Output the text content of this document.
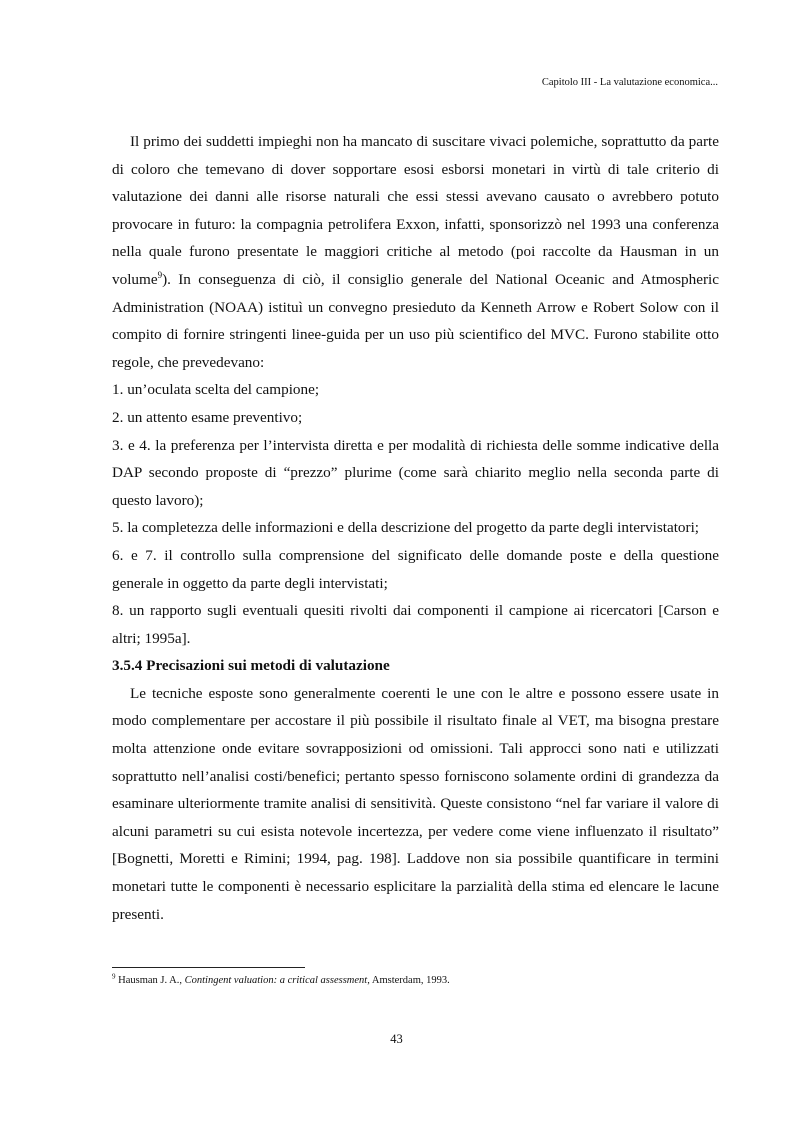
Capitolo III - La valutazione economica...

Il primo dei suddetti impieghi non ha mancato di suscitare vivaci polemiche, soprattutto da parte di coloro che temevano di dover sopportare esosi esborsi monetari in virtù di tale criterio di valutazione dei danni alle risorse naturali che essi stessi avevano causato o avrebbero potuto provocare in futuro: la compagnia petrolifera Exxon, infatti, sponsorizzò nel 1993 una conferenza nella quale furono presentate le maggiori critiche al metodo (poi raccolte da Hausman in un volume$^9$). In conseguenza di ciò, il consiglio generale del National Oceanic and Atmospheric Administration (NOAA) istituì un convegno presieduto da Kenneth Arrow e Robert Solow con il compito di fornire stringenti linee-guida per un uso più scientifico del MVC. Furono stabilite otto regole, che prevedevano:

1. un’oculata scelta del campione;

2. un attento esame preventivo;

3. e 4. la preferenza per l’intervista diretta e per modalità di richiesta delle somme indicative della DAP secondo proposte di “prezzo” plurime (come sarà chiarito meglio nella seconda parte di questo lavoro);

5. la completezza delle informazioni e della descrizione del progetto da parte degli intervistatori;

6. e 7. il controllo sulla comprensione del significato delle domande poste e della questione generale in oggetto da parte degli intervistati;

8. un rapporto sugli eventuali quesiti rivolti dai componenti il campione ai ricercatori [Carson e altri; 1995a].

3.5.4 Precisazioni sui metodi di valutazione

Le tecniche esposte sono generalmente coerenti le une con le altre e possono essere usate in modo complementare per accostare il più possibile il risultato finale al VET, ma bisogna prestare molta attenzione onde evitare sovrapposizioni od omissioni. Tali approcci sono nati e utilizzati soprattutto nell’analisi costi/benefici; pertanto spesso forniscono solamente ordini di grandezza da esaminare ulteriormente tramite analisi di sensitività. Queste consistono “nel far variare il valore di alcuni parametri su cui esista notevole incertezza, per vedere come viene influenzato il risultato” [Bognetti, Moretti e Rimini; 1994, pag. 198]. Laddove non sia possibile quantificare in termini monetari tutte le componenti è necessario esplicitare la parzialità della stima ed elencare le lacune presenti.

$^9$ Hausman J. A., Contingent valuation: a critical assessment, Amsterdam, 1993.
43
